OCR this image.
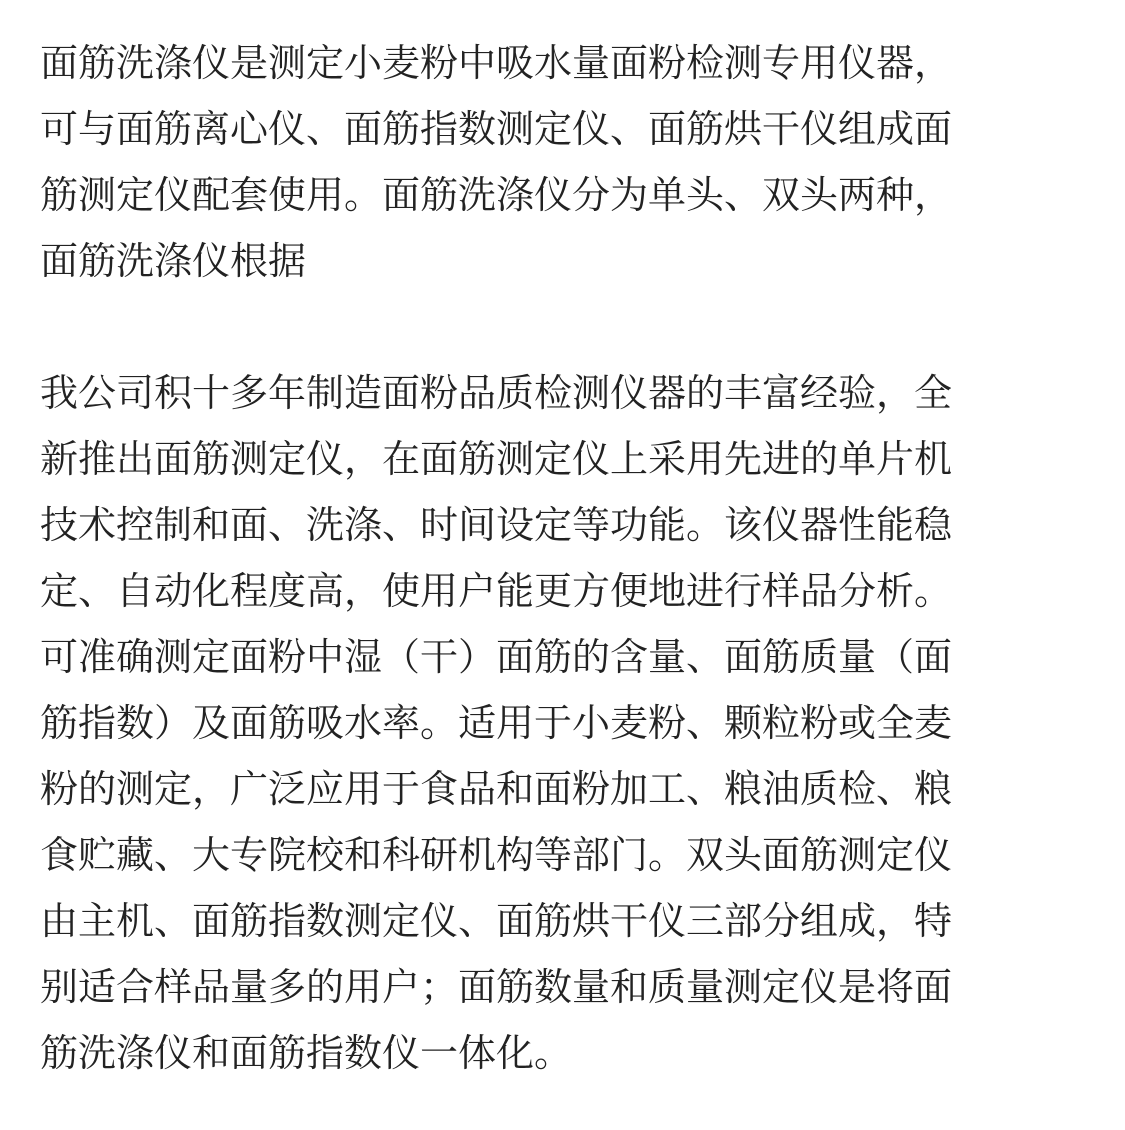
面筋洗涤仪是测定小麦粉中吸水量面粉检测专用仪器，
可与面筋离心仪、面筋指数测定仪、面筋烘干仪组成面
筋测定仪配套使用。面筋洗涤仪分为单头、双头两种，
面筋洗涤仪根据

我公司积十多年制造面粉品质检测仪器的丰富经验，全
新推出面筋测定仪，在面筋测定仪上采用先进的单片机
技术控制和面、洗涤、时间设定等功能。该仪器性能稳
定、自动化程度高，使用户能更方便地进行样品分析。
可准确测定面粉中湿（干）面筋的含量、面筋质量（面
筋指数）及面筋吸水率。适用于小麦粉、颗粒粉或全麦
粉的测定，广泛应用于食品和面粉加工、粮油质检、粮
食贮藏、大专院校和科研机构等部门。双头面筋测定仪
由主机、面筋指数测定仪、面筋烘干仪三部分组成，特
别适合样品量多的用户；面筋数量和质量测定仪是将面
筋洗涤仪和面筋指数仪一体化。
